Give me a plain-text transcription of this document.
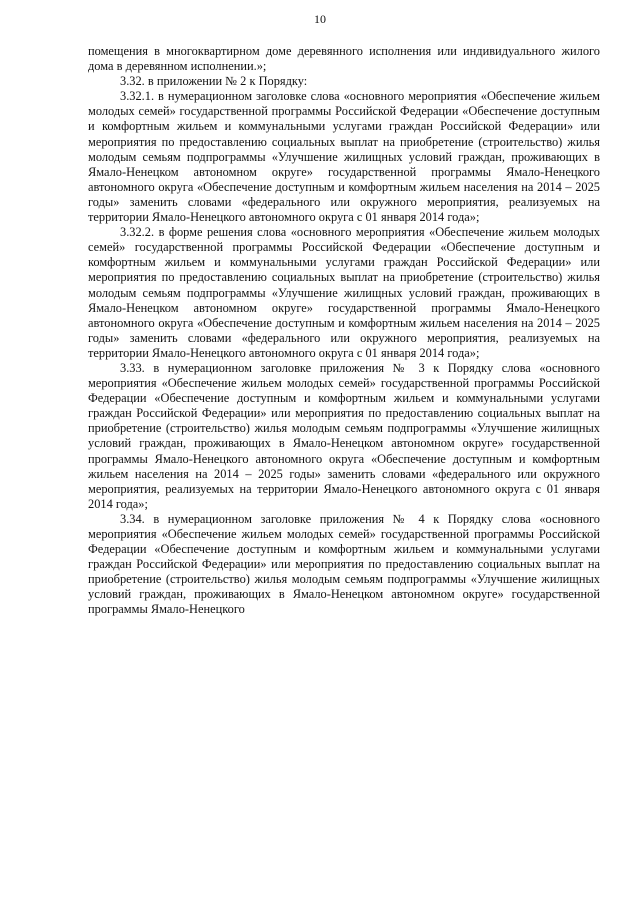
10

помещения в многоквартирном доме деревянного исполнения или индивидуального жилого дома в деревянном исполнении.»;

3.32. в приложении № 2 к Порядку:

3.32.1. в нумерационном заголовке слова «основного мероприятия «Обеспечение жильем молодых семей» государственной программы Российской Федерации «Обеспечение доступным и комфортным жильем и коммунальными услугами граждан Российской Федерации» или мероприятия по предоставлению социальных выплат на приобретение (строительство) жилья молодым семьям подпрограммы «Улучшение жилищных условий граждан, проживающих в Ямало-Ненецком автономном округе» государственной программы Ямало-Ненецкого автономного округа «Обеспечение доступным и комфортным жильем населения на 2014 – 2025 годы» заменить словами «федерального или окружного мероприятия, реализуемых на территории Ямало-Ненецкого автономного округа с 01 января 2014 года»;

3.32.2. в форме решения слова «основного мероприятия «Обеспечение жильем молодых семей» государственной программы Российской Федерации «Обеспечение доступным и комфортным жильем и коммунальными услугами граждан Российской Федерации» или мероприятия по предоставлению социальных выплат на приобретение (строительство) жилья молодым семьям подпрограммы «Улучшение жилищных условий граждан, проживающих в Ямало-Ненецком автономном округе» государственной программы Ямало-Ненецкого автономного округа «Обеспечение доступным и комфортным жильем населения на 2014 – 2025 годы» заменить словами «федерального или окружного мероприятия, реализуемых на территории Ямало-Ненецкого автономного округа с 01 января 2014 года»;

3.33. в нумерационном заголовке приложения № 3 к Порядку слова «основного мероприятия «Обеспечение жильем молодых семей» государственной программы Российской Федерации «Обеспечение доступным и комфортным жильем и коммунальными услугами граждан Российской Федерации» или мероприятия по предоставлению социальных выплат на приобретение (строительство) жилья молодым семьям подпрограммы «Улучшение жилищных условий граждан, проживающих в Ямало-Ненецком автономном округе» государственной программы Ямало-Ненецкого автономного округа «Обеспечение доступным и комфортным жильем населения на 2014 – 2025 годы» заменить словами «федерального или окружного мероприятия, реализуемых на территории Ямало-Ненецкого автономного округа с 01 января 2014 года»;

3.34. в нумерационном заголовке приложения № 4 к Порядку слова «основного мероприятия «Обеспечение жильем молодых семей» государственной программы Российской Федерации «Обеспечение доступным и комфортным жильем и коммунальными услугами граждан Российской Федерации» или мероприятия по предоставлению социальных выплат на приобретение (строительство) жилья молодым семьям подпрограммы «Улучшение жилищных условий граждан, проживающих в Ямало-Ненецком автономном округе» государственной программы Ямало-Ненецкого
